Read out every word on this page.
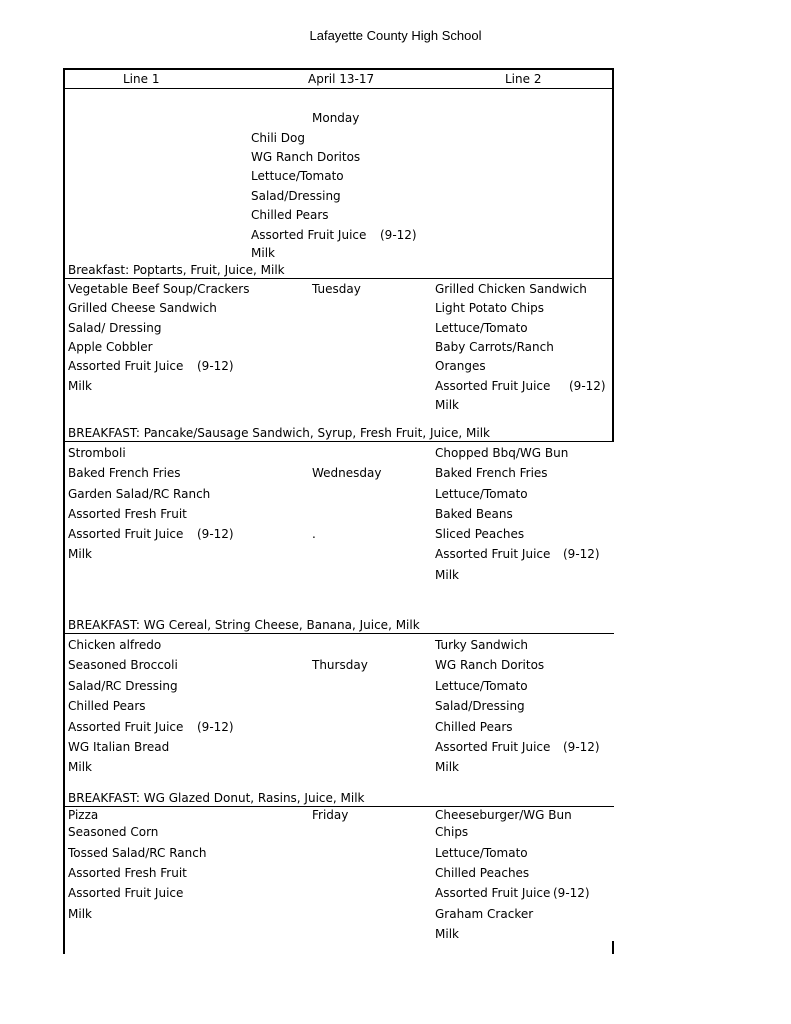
Lafayette County High School
Line 1	April 13-17	Line 2
Monday
Chili Dog
WG Ranch Doritos
Lettuce/Tomato
Salad/Dressing
Chilled Pears
Assorted Fruit Juice (9-12)
Milk
Breakfast: Poptarts, Fruit, Juice, Milk
Tuesday
Vegetable Beef Soup/Crackers
Grilled Cheese Sandwich
Salad/ Dressing
Apple Cobbler
Assorted Fruit Juice (9-12)
Milk
Grilled Chicken Sandwich
Light Potato Chips
Lettuce/Tomato
Baby Carrots/Ranch
Oranges
Assorted Fruit Juice (9-12)
Milk
BREAKFAST: Pancake/Sausage Sandwich, Syrup, Fresh Fruit, Juice, Milk
Wednesday
.
Stromboli
Baked French Fries
Garden Salad/RC Ranch
Assorted Fresh Fruit
Assorted Fruit Juice (9-12)
Milk
Chopped Bbq/WG Bun
Baked French Fries
Lettuce/Tomato
Baked Beans
Sliced Peaches
Assorted Fruit Juice (9-12)
Milk
BREAKFAST: WG Cereal, String Cheese, Banana, Juice, Milk
Thursday
Chicken alfredo
Seasoned Broccoli
Salad/RC Dressing
Chilled Pears
Assorted Fruit Juice (9-12)
WG Italian Bread
Milk
Turky Sandwich
WG Ranch Doritos
Lettuce/Tomato
Salad/Dressing
Chilled Pears
Assorted Fruit Juice (9-12)
Milk
BREAKFAST: WG Glazed Donut, Rasins, Juice, Milk
Friday
Pizza
Seasoned Corn
Tossed Salad/RC Ranch
Assorted Fresh Fruit
Assorted Fruit Juice
Milk
Cheeseburger/WG Bun
Chips
Lettuce/Tomato
Chilled Peaches
Assorted Fruit Juice (9-12)
Graham Cracker
Milk
